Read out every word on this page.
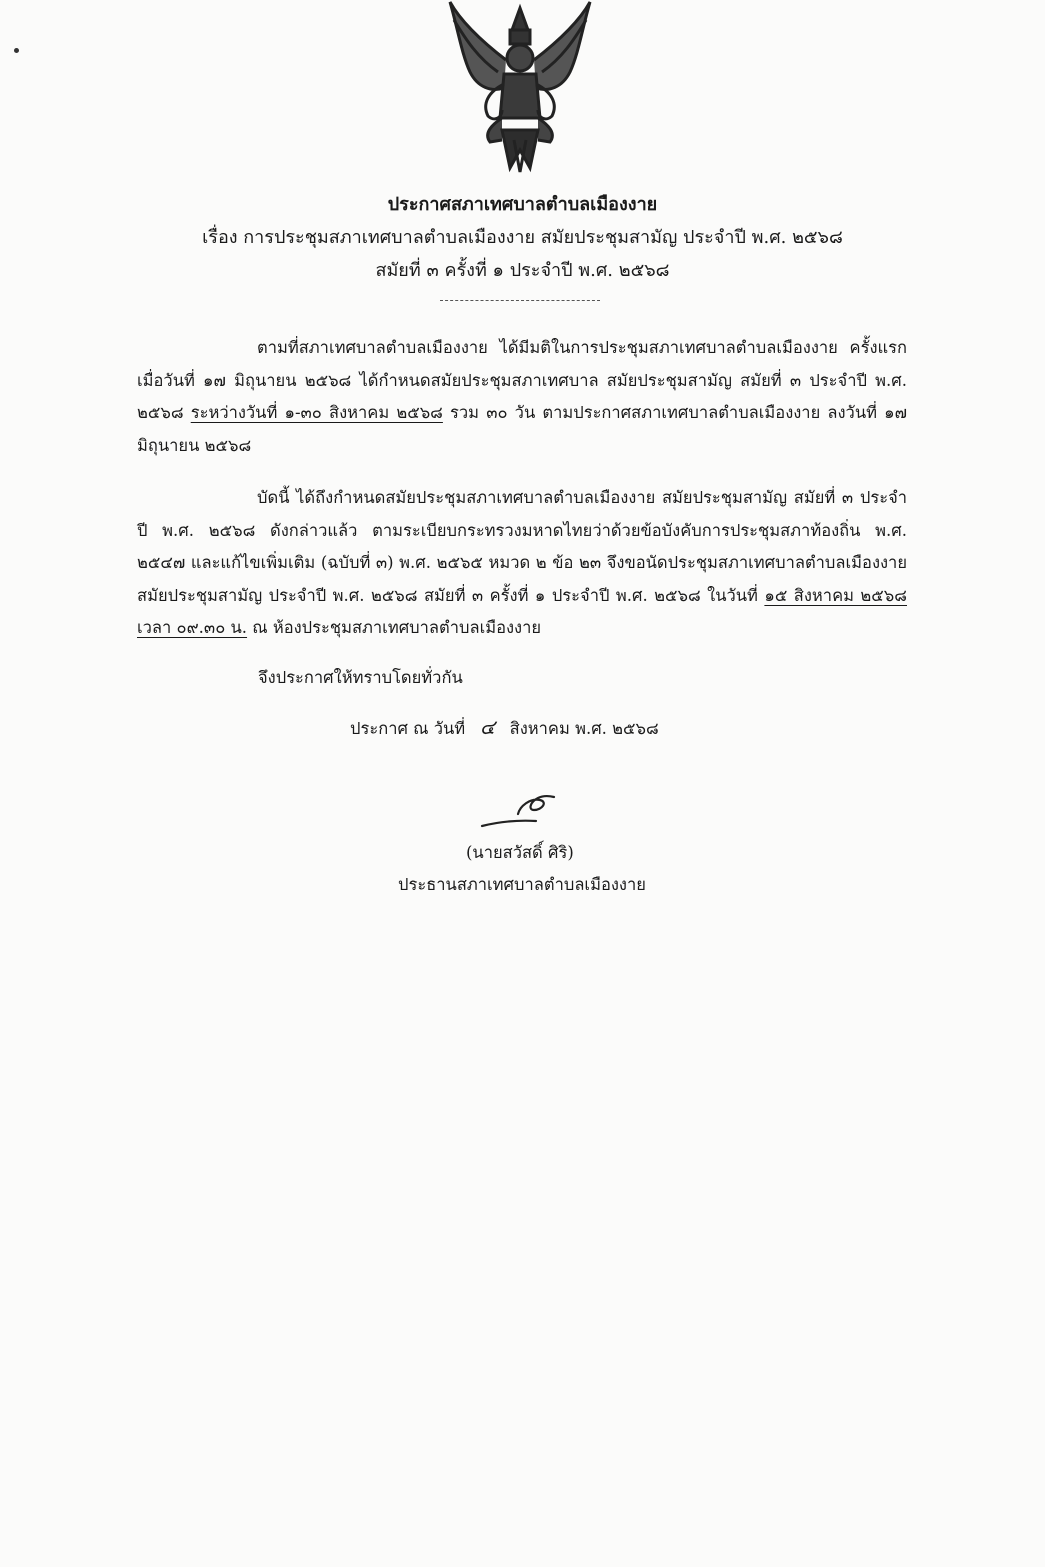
ประกาศสภาเทศบาลตำบลเมืองงาย
เรื่อง การประชุมสภาเทศบาลตำบลเมืองงาย สมัยประชุมสามัญ ประจำปี พ.ศ. ๒๕๖๘
สมัยที่ ๓ ครั้งที่ ๑ ประจำปี พ.ศ. ๒๕๖๘
ตามที่สภาเทศบาลตำบลเมืองงาย ได้มีมติในการประชุมสภาเทศบาลตำบลเมืองงาย ครั้งแรก เมื่อวันที่ ๑๗ มิถุนายน ๒๕๖๘ ได้กำหนดสมัยประชุมสภาเทศบาล สมัยประชุมสามัญ สมัยที่ ๓ ประจำปี พ.ศ. ๒๕๖๘ ระหว่างวันที่ ๑-๓๐ สิงหาคม ๒๕๖๘ รวม ๓๐ วัน ตามประกาศสภาเทศบาลตำบลเมืองงาย ลงวันที่ ๑๗ มิถุนายน ๒๕๖๘
บัดนี้ ได้ถึงกำหนดสมัยประชุมสภาเทศบาลตำบลเมืองงาย สมัยประชุมสามัญ สมัยที่ ๓ ประจำปี พ.ศ. ๒๕๖๘ ดังกล่าวแล้ว ตามระเบียบกระทรวงมหาดไทยว่าด้วยข้อบังคับการประชุมสภาท้องถิ่น พ.ศ. ๒๕๔๗ และแก้ไขเพิ่มเติม (ฉบับที่ ๓) พ.ศ. ๒๕๖๕ หมวด ๒ ข้อ ๒๓ จึงขอนัดประชุมสภาเทศบาลตำบลเมืองงาย สมัยประชุมสามัญ ประจำปี พ.ศ. ๒๕๖๘ สมัยที่ ๓ ครั้งที่ ๑ ประจำปี พ.ศ. ๒๕๖๘ ในวันที่ ๑๕ สิงหาคม ๒๕๖๘ เวลา ๐๙.๓๐ น. ณ ห้องประชุมสภาเทศบาลตำบลเมืองงาย
จึงประกาศให้ทราบโดยทั่วกัน
ประกาศ ณ วันที่ ๔ สิงหาคม พ.ศ. ๒๕๖๘
(นายสวัสดิ์ ศิริ)
ประธานสภาเทศบาลตำบลเมืองงาย
